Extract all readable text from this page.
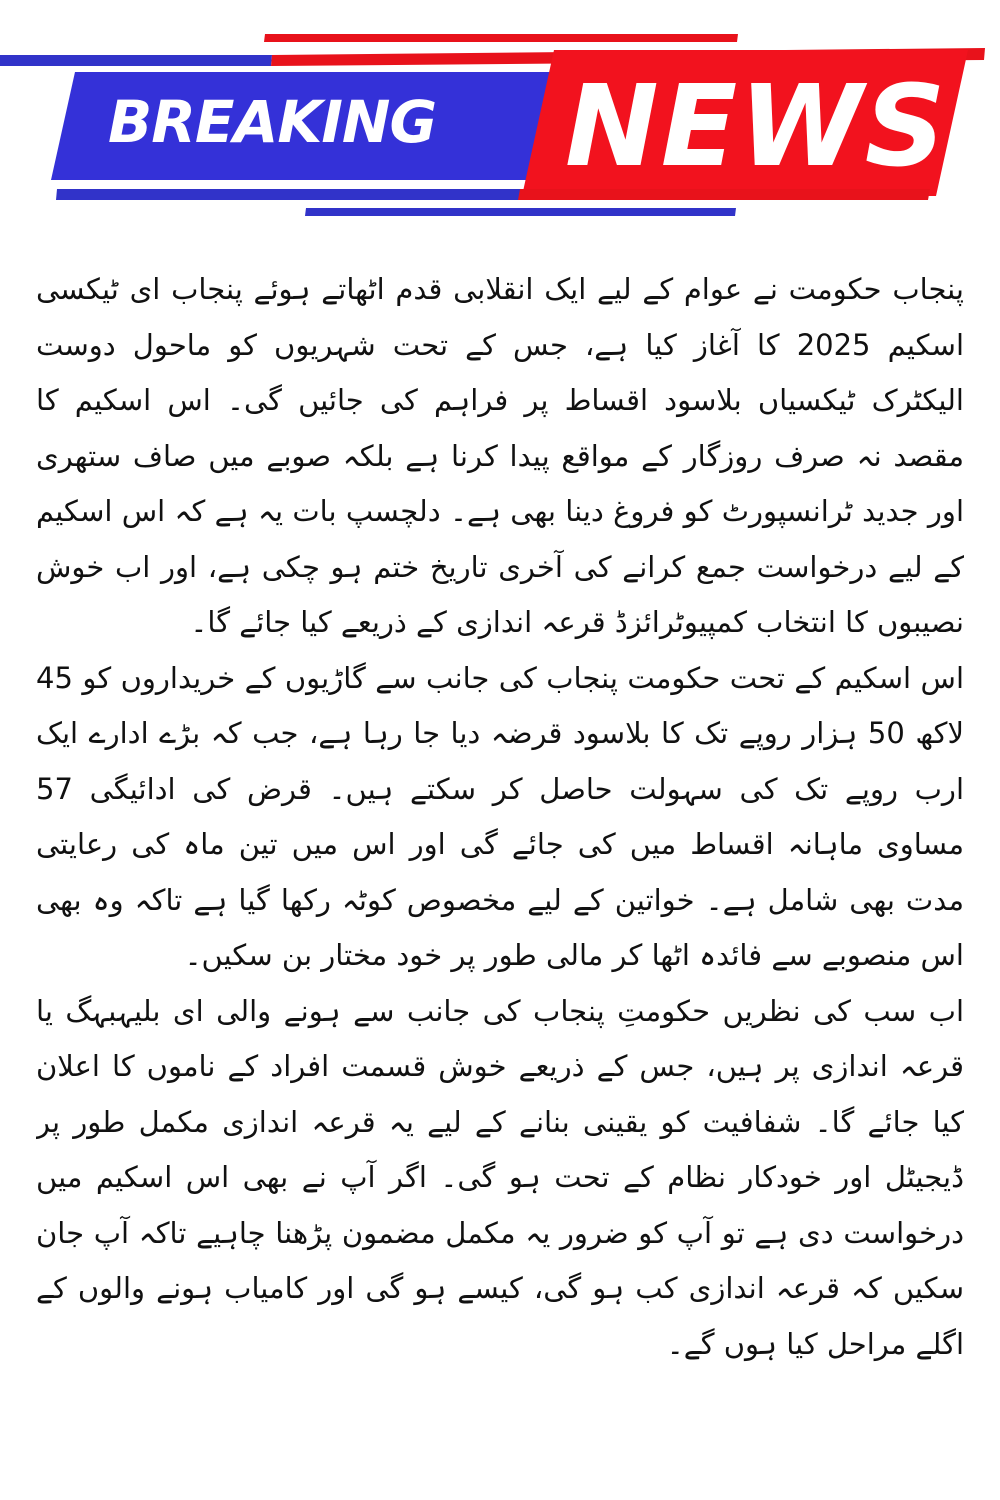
BREAKING NEWS

پنجاب حکومت نے عوام کے لیے ایک انقلابی قدم اٹھاتے ہوئے پنجاب ای ٹیکسی اسکیم 2025 کا آغاز کیا ہے، جس کے تحت شہریوں کو ماحول دوست الیکٹرک ٹیکسیاں بلاسود اقساط پر فراہم کی جائیں گی۔ اس اسکیم کا مقصد نہ صرف روزگار کے مواقع پیدا کرنا ہے بلکہ صوبے میں صاف ستھری اور جدید ٹرانسپورٹ کو فروغ دینا بھی ہے۔ دلچسپ بات یہ ہے کہ اس اسکیم کے لیے درخواست جمع کرانے کی آخری تاریخ ختم ہو چکی ہے، اور اب خوش نصیبوں کا انتخاب کمپیوٹرائزڈ قرعہ اندازی کے ذریعے کیا جائے گا۔

اس اسکیم کے تحت حکومت پنجاب کی جانب سے گاڑیوں کے خریداروں کو 45 لاکھ 50 ہزار روپے تک کا بلاسود قرضہ دیا جا رہا ہے، جب کہ بڑے ادارے ایک ارب روپے تک کی سہولت حاصل کر سکتے ہیں۔ قرض کی ادائیگی 57 مساوی ماہانہ اقساط میں کی جائے گی اور اس میں تین ماہ کی رعایتی مدت بھی شامل ہے۔ خواتین کے لیے مخصوص کوٹہ رکھا گیا ہے تاکہ وہ بھی اس منصوبے سے فائدہ اٹھا کر مالی طور پر خود مختار بن سکیں۔

اب سب کی نظریں حکومتِ پنجاب کی جانب سے ہونے والی ای بلیہبہگ یا قرعہ اندازی پر ہیں، جس کے ذریعے خوش قسمت افراد کے ناموں کا اعلان کیا جائے گا۔ شفافیت کو یقینی بنانے کے لیے یہ قرعہ اندازی مکمل طور پر ڈیجیٹل اور خودکار نظام کے تحت ہو گی۔ اگر آپ نے بھی اس اسکیم میں درخواست دی ہے تو آپ کو ضرور یہ مکمل مضمون پڑھنا چاہیے تاکہ آپ جان سکیں کہ قرعہ اندازی کب ہو گی، کیسے ہو گی اور کامیاب ہونے والوں کے اگلے مراحل کیا ہوں گے۔
